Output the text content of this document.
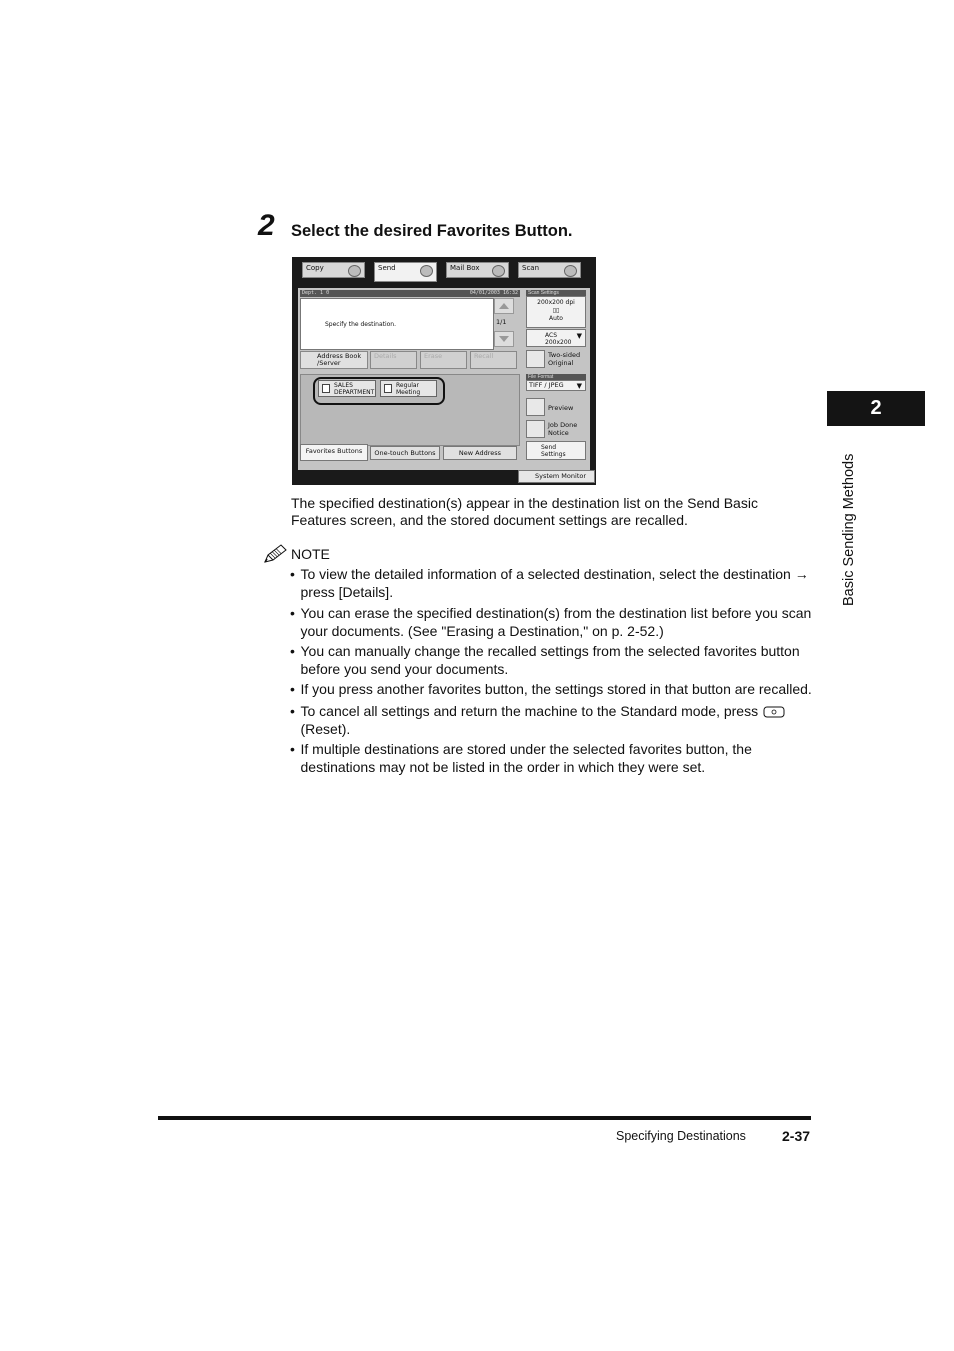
2 Select the desired Favorites Button.
Copy	Send	Mail Box	Scan
Dept. 1 0	04/01/2003 16:32
Specify the destination.	1/1
Address Book /Server
Details	Erase	Recall
SALES
DEPARTMENT
Regular
Meeting
Favorites Buttons	One-touch Buttons	New Address
Scan Settings
200x200 dpi
▯▯
Auto
ACS
200x200
▼
Two-sided
Original
File Format
TIFF / JPEG ▼
Preview
Job Done
Notice
Send
Settings
System Monitor
The specified destination(s) appear in the destination list on the Send Basic
Features screen, and the stored document settings are recalled.
NOTE
• To view the detailed information of a selected destination, select the destination →
press [Details].
• You can erase the specified destination(s) from the destination list before you scan
your documents. (See "Erasing a Destination," on p. 2-52.)
• You can manually change the recalled settings from the selected favorites button
before you send your documents.
• If you press another favorites button, the settings stored in that button are recalled.
• To cancel all settings and return the machine to the Standard mode, press
(Reset).
• If multiple destinations are stored under the selected favorites button, the
destinations may not be listed in the order in which they were set.
2
Basic Sending Methods
Specifying Destinations	2-37
